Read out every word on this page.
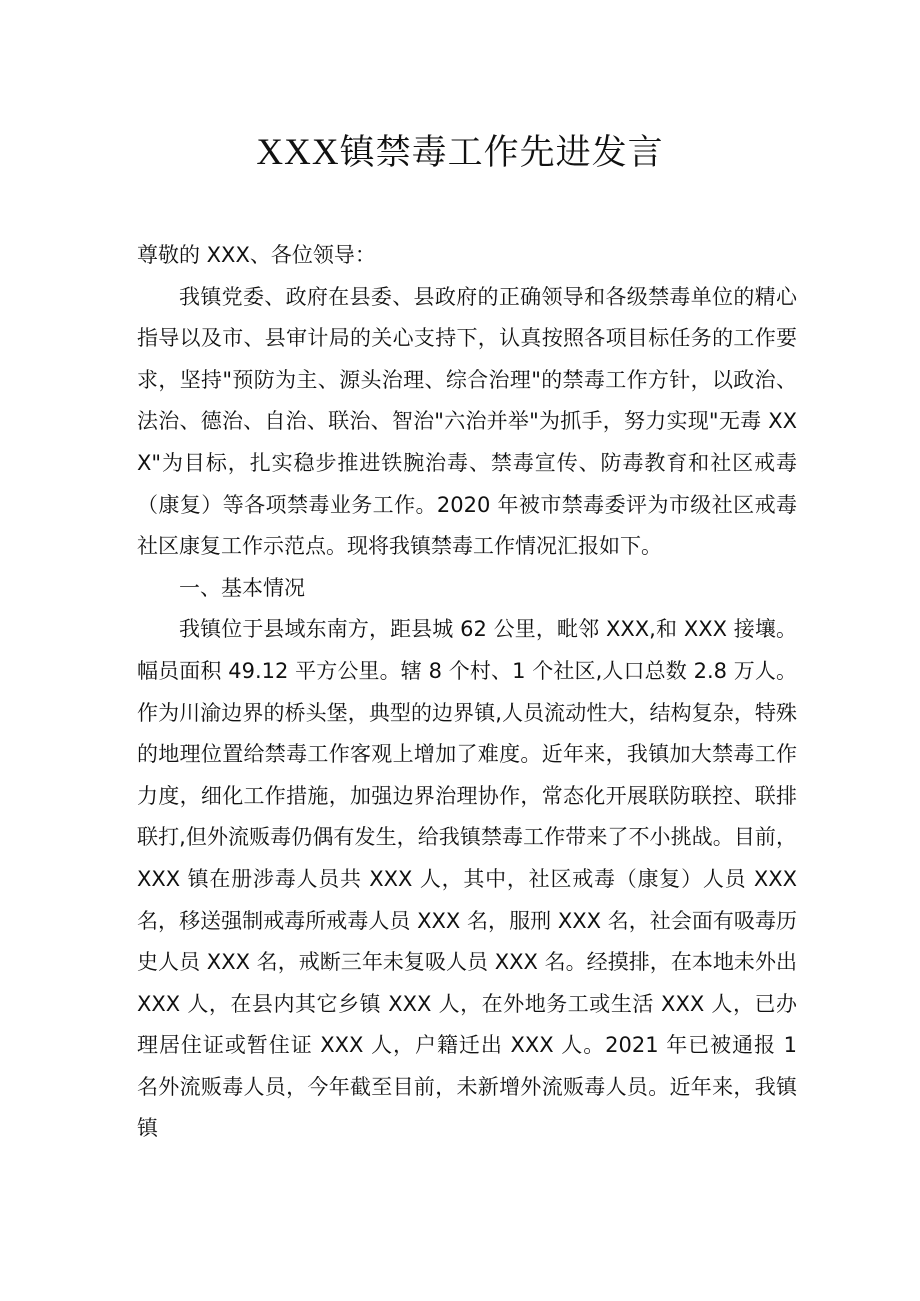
XXX镇禁毒工作先进发言

尊敬的 XXX、各位领导：

我镇党委、政府在县委、县政府的正确领导和各级禁毒单位的精心指导以及市、县审计局的关心支持下，认真按照各项目标任务的工作要求，坚持"预防为主、源头治理、综合治理"的禁毒工作方针，以政治、法治、德治、自治、联治、智治"六治并举"为抓手，努力实现"无毒 XXX"为目标，扎实稳步推进铁腕治毒、禁毒宣传、防毒教育和社区戒毒（康复）等各项禁毒业务工作。2020 年被市禁毒委评为市级社区戒毒社区康复工作示范点。现将我镇禁毒工作情况汇报如下。

一、基本情况

我镇位于县域东南方，距县城 62 公里，毗邻 XXX,和 XXX 接壤。幅员面积 49.12 平方公里。辖 8 个村、1 个社区,人口总数 2.8 万人。作为川渝边界的桥头堡，典型的边界镇,人员流动性大，结构复杂，特殊的地理位置给禁毒工作客观上增加了难度。近年来，我镇加大禁毒工作力度，细化工作措施，加强边界治理协作，常态化开展联防联控、联排联打,但外流贩毒仍偶有发生，给我镇禁毒工作带来了不小挑战。目前，XXX 镇在册涉毒人员共 XXX 人，其中，社区戒毒（康复）人员 XXX 名，移送强制戒毒所戒毒人员 XXX 名，服刑 XXX 名，社会面有吸毒历史人员 XXX 名，戒断三年未复吸人员 XXX 名。经摸排，在本地未外出 XXX 人，在县内其它乡镇 XXX 人，在外地务工或生活 XXX 人，已办理居住证或暂住证 XXX 人，户籍迁出 XXX 人。2021 年已被通报 1 名外流贩毒人员，今年截至目前，未新增外流贩毒人员。近年来，我镇镇
